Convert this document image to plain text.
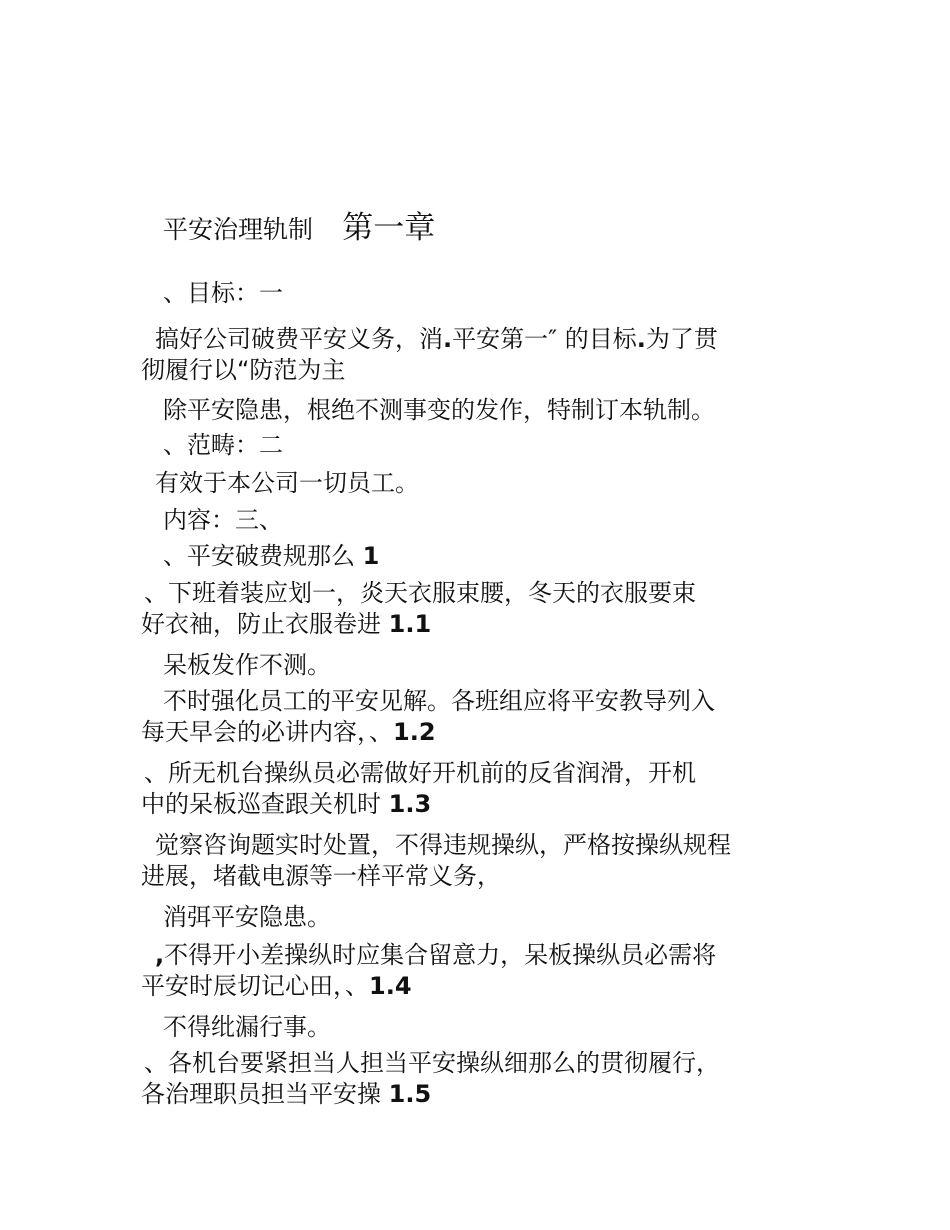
平安治理轨制 第一章
、目标：一
搞好公司破费平安义务，消.平安第一″ 的目标.为了贯
彻履行以“防范为主
除平安隐患，根绝不测事变的发作，特制订本轨制。
、范畴：二
有效于本公司一切员工。
内容：三、
、平安破费规那么 1
、下班着装应划一，炎天衣服束腰，冬天的衣服要束
好衣袖，防止衣服卷进 1.1
呆板发作不测。
不时强化员工的平安见解。各班组应将平安教导列入
每天早会的必讲内容，、1.2
、所无机台操纵员必需做好开机前的反省润滑，开机
中的呆板巡查跟关机时 1.3
觉察咨询题实时处置，不得违规操纵，严格按操纵规程
进展，堵截电源等一样平常义务，
消弭平安隐患。
,不得开小差操纵时应集合留意力，呆板操纵员必需将
平安时辰切记心田，、1.4
不得纰漏行事。
、各机台要紧担当人担当平安操纵细那么的贯彻履行，
各治理职员担当平安操 1.5
